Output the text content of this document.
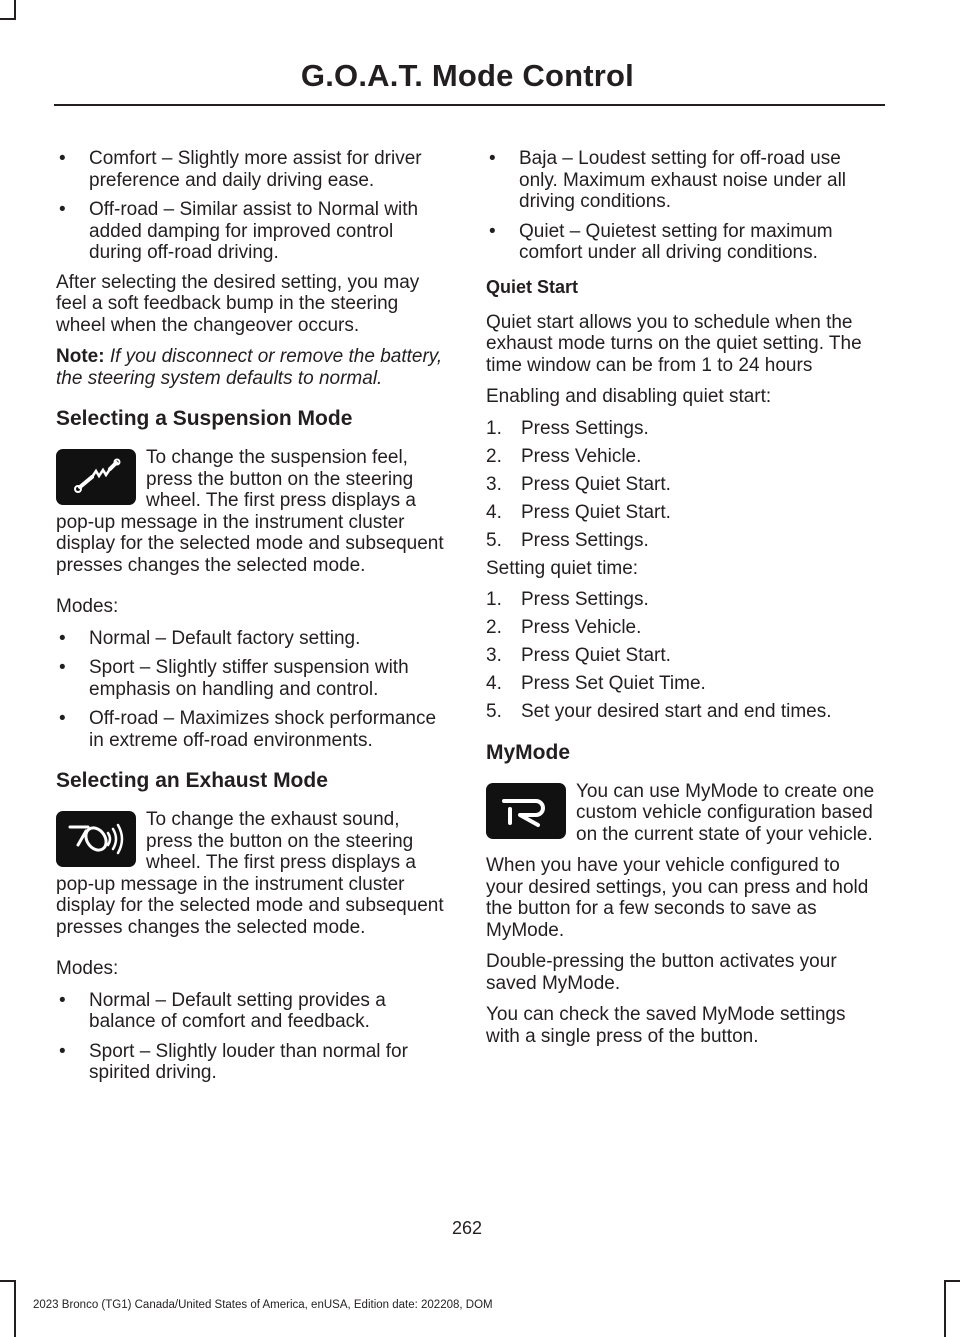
G.O.A.T. Mode Control
• Comfort – Slightly more assist for driver preference and daily driving ease.
• Off-road – Similar assist to Normal with added damping for improved control during off-road driving.

After selecting the desired setting, you may feel a soft feedback bump in the steering wheel when the changeover occurs.

Note: If you disconnect or remove the battery, the steering system defaults to normal.

Selecting a Suspension Mode
To change the suspension feel, press the button on the steering wheel. The first press displays a pop-up message in the instrument cluster display for the selected mode and subsequent presses changes the selected mode.

Modes:

• Normal – Default factory setting.
• Sport – Slightly stiffer suspension with emphasis on handling and control.
• Off-road – Maximizes shock performance in extreme off-road environments.
Selecting an Exhaust Mode
To change the exhaust sound, press the button on the steering wheel. The first press displays a pop-up message in the instrument cluster display for the selected mode and subsequent presses changes the selected mode.

Modes:

• Normal – Default setting provides a balance of comfort and feedback.
• Sport – Slightly louder than normal for spirited driving.
• Baja – Loudest setting for off-road use only. Maximum exhaust noise under all driving conditions.
• Quiet – Quietest setting for maximum comfort under all driving conditions.
Quiet Start

Quiet start allows you to schedule when the exhaust mode turns on the quiet setting. The time window can be from 1 to 24 hours

Enabling and disabling quiet start:

1. Press Settings.
2. Press Vehicle.
3. Press Quiet Start.
4. Press Quiet Start.
5. Press Settings.

Setting quiet time:

1. Press Settings.
2. Press Vehicle.
3. Press Quiet Start.
4. Press Set Quiet Time.
5. Set your desired start and end times.
MyMode
You can use MyMode to create one custom vehicle configuration based on the current state of your vehicle.

When you have your vehicle configured to your desired settings, you can press and hold the button for a few seconds to save as MyMode.

Double-pressing the button activates your saved MyMode.

You can check the saved MyMode settings with a single press of the button.

262
2023 Bronco (TG1) Canada/United States of America, enUSA, Edition date: 202208, DOM
